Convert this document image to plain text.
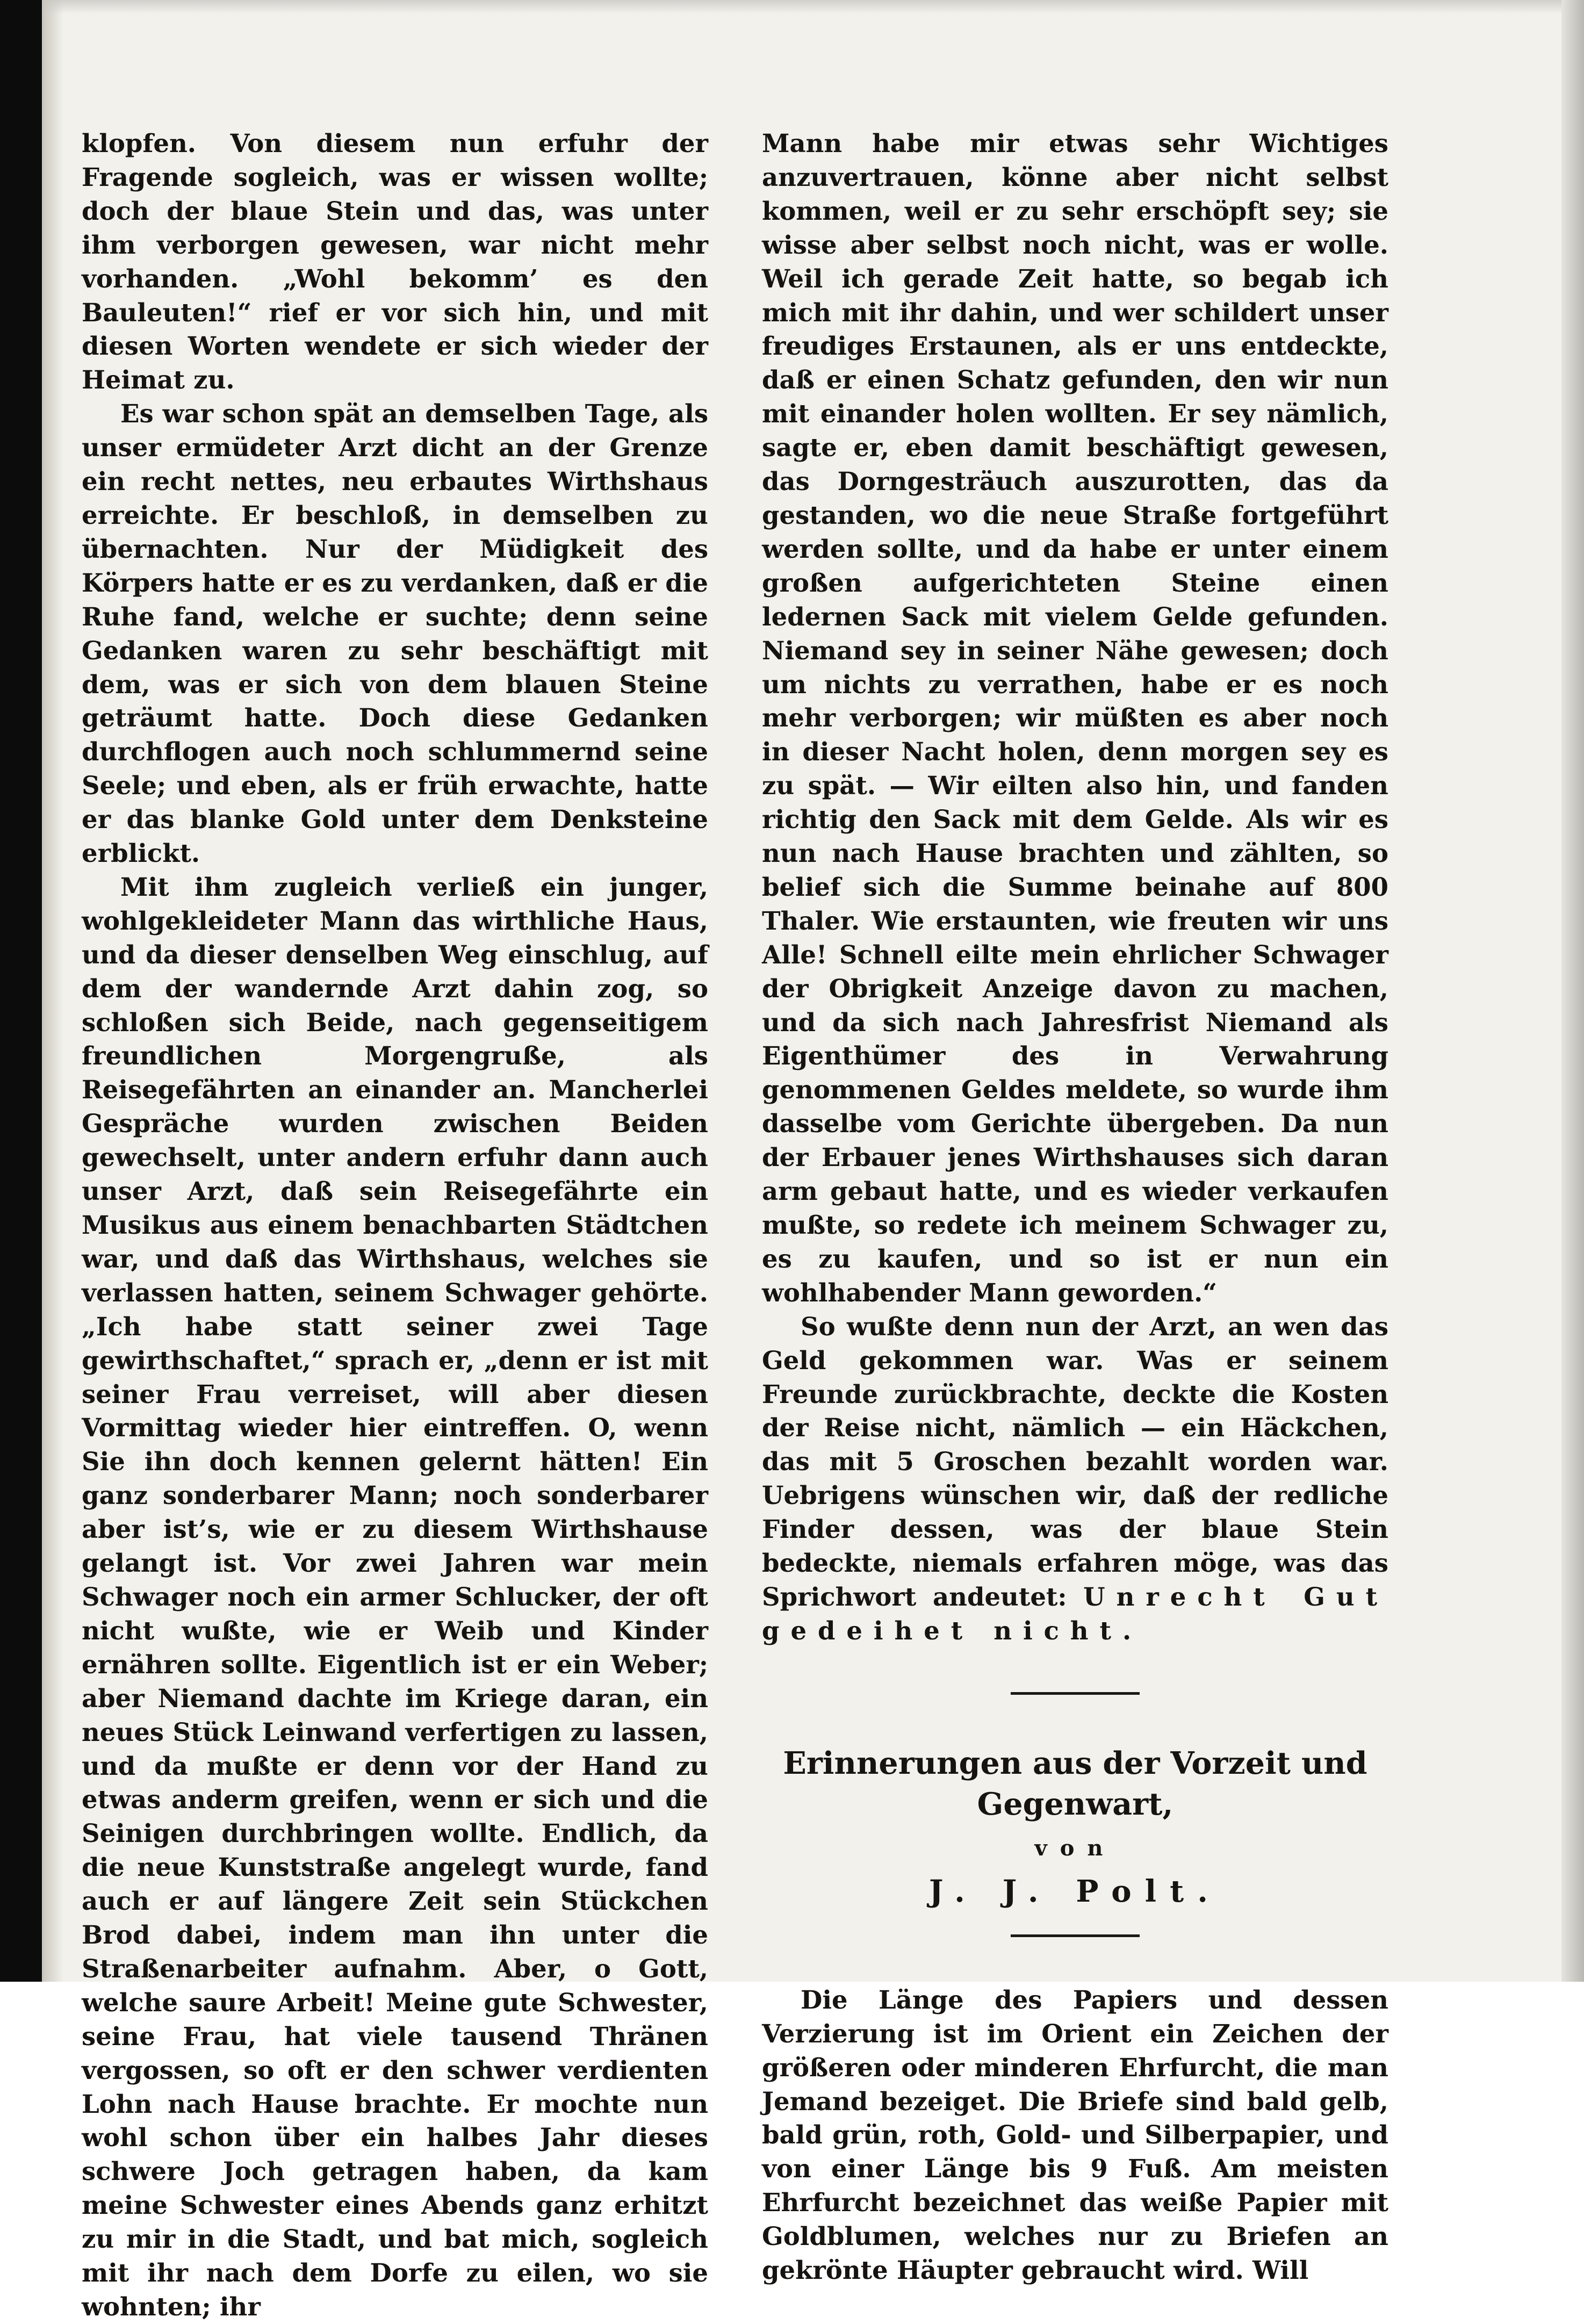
klopfen. Von diesem nun erfuhr der Fragende sogleich, was er wissen wollte; doch der blaue Stein und das, was unter ihm verborgen gewesen, war nicht mehr vorhanden. „Wohl bekomm’ es den Bauleuten!“ rief er vor sich hin, und mit diesen Worten wendete er sich wieder der Heimat zu.

Es war schon spät an demselben Tage, als unser ermüdeter Arzt dicht an der Grenze ein recht nettes, neu erbautes Wirthshaus erreichte. Er beschloß, in demselben zu übernachten. Nur der Müdigkeit des Körpers hatte er es zu verdanken, daß er die Ruhe fand, welche er suchte; denn seine Gedanken waren zu sehr beschäftigt mit dem, was er sich von dem blauen Steine geträumt hatte. Doch diese Gedanken durchflogen auch noch schlummernd seine Seele; und eben, als er früh erwachte, hatte er das blanke Gold unter dem Denksteine erblickt.

Mit ihm zugleich verließ ein junger, wohlgekleideter Mann das wirthliche Haus, und da dieser denselben Weg einschlug, auf dem der wandernde Arzt dahin zog, so schloßen sich Beide, nach gegenseitigem freundlichen Morgengruße, als Reisegefährten an einander an. Mancherlei Gespräche wurden zwischen Beiden gewechselt, unter andern erfuhr dann auch unser Arzt, daß sein Reisegefährte ein Musikus aus einem benachbarten Städtchen war, und daß das Wirthshaus, welches sie verlassen hatten, seinem Schwager gehörte. „Ich habe statt seiner zwei Tage gewirthschaftet,“ sprach er, „denn er ist mit seiner Frau verreiset, will aber diesen Vormittag wieder hier eintreffen. O, wenn Sie ihn doch kennen gelernt hätten! Ein ganz sonderbarer Mann; noch sonderbarer aber ist’s, wie er zu diesem Wirthshause gelangt ist. Vor zwei Jahren war mein Schwager noch ein armer Schlucker, der oft nicht wußte, wie er Weib und Kinder ernähren sollte. Eigentlich ist er ein Weber; aber Niemand dachte im Kriege daran, ein neues Stück Leinwand verfertigen zu lassen, und da mußte er denn vor der Hand zu etwas anderm greifen, wenn er sich und die Seinigen durchbringen wollte. Endlich, da die neue Kunststraße angelegt wurde, fand auch er auf längere Zeit sein Stückchen Brod dabei, indem man ihn unter die Straßenarbeiter aufnahm. Aber, o Gott, welche saure Arbeit! Meine gute Schwester, seine Frau, hat viele tausend Thränen vergossen, so oft er den schwer verdienten Lohn nach Hause brachte. Er mochte nun wohl schon über ein halbes Jahr dieses schwere Joch getragen haben, da kam meine Schwester eines Abends ganz erhitzt zu mir in die Stadt, und bat mich, sogleich mit ihr nach dem Dorfe zu eilen, wo sie wohnten; ihr

Mann habe mir etwas sehr Wichtiges anzuvertrauen, könne aber nicht selbst kommen, weil er zu sehr erschöpft sey; sie wisse aber selbst noch nicht, was er wolle. Weil ich gerade Zeit hatte, so begab ich mich mit ihr dahin, und wer schildert unser freudiges Erstaunen, als er uns entdeckte, daß er einen Schatz gefunden, den wir nun mit einander holen wollten. Er sey nämlich, sagte er, eben damit beschäftigt gewesen, das Dorngesträuch auszurotten, das da gestanden, wo die neue Straße fortgeführt werden sollte, und da habe er unter einem großen aufgerichteten Steine einen ledernen Sack mit vielem Gelde gefunden. Niemand sey in seiner Nähe gewesen; doch um nichts zu verrathen, habe er es noch mehr verborgen; wir müßten es aber noch in dieser Nacht holen, denn morgen sey es zu spät. — Wir eilten also hin, und fanden richtig den Sack mit dem Gelde. Als wir es nun nach Hause brachten und zählten, so belief sich die Summe beinahe auf 800 Thaler. Wie erstaunten, wie freuten wir uns Alle! Schnell eilte mein ehrlicher Schwager der Obrigkeit Anzeige davon zu machen, und da sich nach Jahresfrist Niemand als Eigenthümer des in Verwahrung genommenen Geldes meldete, so wurde ihm dasselbe vom Gerichte übergeben. Da nun der Erbauer jenes Wirthshauses sich daran arm gebaut hatte, und es wieder verkaufen mußte, so redete ich meinem Schwager zu, es zu kaufen, und so ist er nun ein wohlhabender Mann geworden.“

So wußte denn nun der Arzt, an wen das Geld gekommen war. Was er seinem Freunde zurückbrachte, deckte die Kosten der Reise nicht, nämlich — ein Häckchen, das mit 5 Groschen bezahlt worden war. Uebrigens wünschen wir, daß der redliche Finder dessen, was der blaue Stein bedeckte, niemals erfahren möge, was das Sprichwort andeutet: Unrecht Gut gedeihet nicht.

Erinnerungen aus der Vorzeit und Gegenwart,
von
J. J. Polt.

Die Länge des Papiers und dessen Verzierung ist im Orient ein Zeichen der größeren oder minderen Ehrfurcht, die man Jemand bezeiget. Die Briefe sind bald gelb, bald grün, roth, Gold- und Silberpapier, und von einer Länge bis 9 Fuß. Am meisten Ehrfurcht bezeichnet das weiße Papier mit Goldblumen, welches nur zu Briefen an gekrönte Häupter gebraucht wird. Will
